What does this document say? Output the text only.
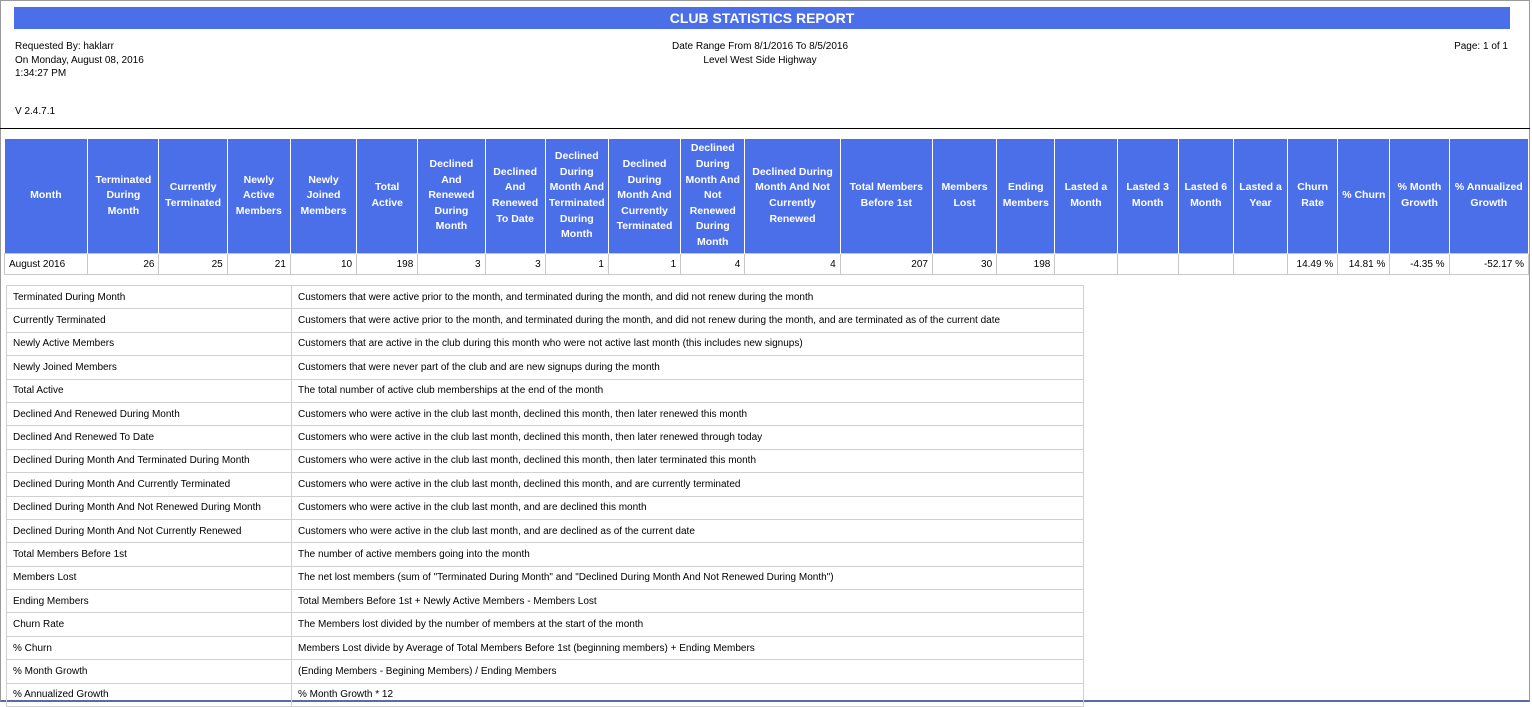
CLUB STATISTICS REPORT
Requested By: haklarr
On Monday, August 08, 2016
1:34:27 PM
Date Range From 8/1/2016 To 8/5/2016
Level West Side Highway
Page: 1 of 1
V 2.4.7.1
Month	Terminated During Month	Currently Terminated	Newly Active Members	Newly Joined Members	Total Active	Declined And Renewed During Month	Declined And Renewed To Date	Declined During Month And Terminated During Month	Declined During Month And Currently Terminated	Declined During Month And Not Renewed During Month	Declined During Month And Not Currently Renewed	Total Members Before 1st	Members Lost	Ending Members	Lasted a Month	Lasted 3 Month	Lasted 6 Month	Lasted a Year	Churn Rate	% Churn	% Month Growth	% Annualized Growth
August 2016	26	25	21	10	198	3	3	1	1	4	4	207	30	198					14.49 %	14.81 %	-4.35 %	-52.17 %
Terminated During Month	Customers that were active prior to the month, and terminated during the month, and did not renew during the month
Currently Terminated	Customers that were active prior to the month, and terminated during the month, and did not renew during the month, and are terminated as of the current date
Newly Active Members	Customers that are active in the club during this month who were not active last month (this includes new signups)
Newly Joined Members	Customers that were never part of the club and are new signups during the month
Total Active	The total number of active club memberships at the end of the month
Declined And Renewed During Month	Customers who were active in the club last month, declined this month, then later renewed this month
Declined And Renewed To Date	Customers who were active in the club last month, declined this month, then later renewed through today
Declined During Month And Terminated During Month	Customers who were active in the club last month, declined this month, then later terminated this month
Declined During Month And Currently Terminated	Customers who were active in the club last month, declined this month, and are currently terminated
Declined During Month And Not Renewed During Month	Customers who were active in the club last month, and are declined this month
Declined During Month And Not Currently Renewed	Customers who were active in the club last month, and are declined as of the current date
Total Members Before 1st	The number of active members going into the month
Members Lost	The net lost members (sum of "Terminated During Month" and "Declined During Month And Not Renewed During Month")
Ending Members	Total Members Before 1st + Newly Active Members - Members Lost
Churn Rate	The Members lost divided by the number of members at the start of the month
% Churn	Members Lost divide by Average of Total Members Before 1st (beginning members) + Ending Members
% Month Growth	(Ending Members - Begining Members) / Ending Members
% Annualized Growth	% Month Growth * 12
